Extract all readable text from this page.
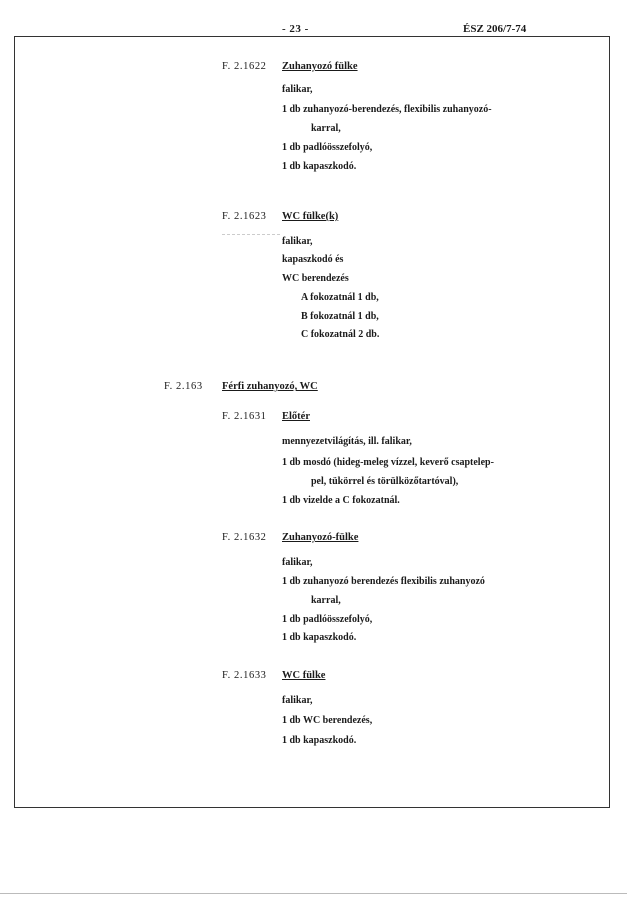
- 23 -	ÉSZ 206/7-74
F. 2.1622 Zuhanyozó fülke
falikar,
1 db zuhanyozó-berendezés, flexibilis zuhanyozó-
karral,
1 db padlóösszefolyó,
1 db kapaszkodó.
F. 2.1623 WC fülke(k)
falikar,
kapaszkodó és
WC berendezés
A fokozatnál 1 db,
B fokozatnál 1 db,
C fokozatnál 2 db.
F. 2.163 Férfi zuhanyozó, WC
F. 2.1631 Előtér
mennyezetvilágítás, ill. falikar,
1 db mosdó (hideg-meleg vízzel, keverő csaptelep-
pel, tükörrel és törülközőtartóval),
1 db vizelde a C fokozatnál.
F. 2.1632 Zuhanyozó-fülke
falikar,
1 db zuhanyozó berendezés flexibilis zuhanyozó
karral,
1 db padlóösszefolyó,
1 db kapaszkodó.
F. 2.1633 WC fülke
falikar,
1 db WC berendezés,
1 db kapaszkodó.
